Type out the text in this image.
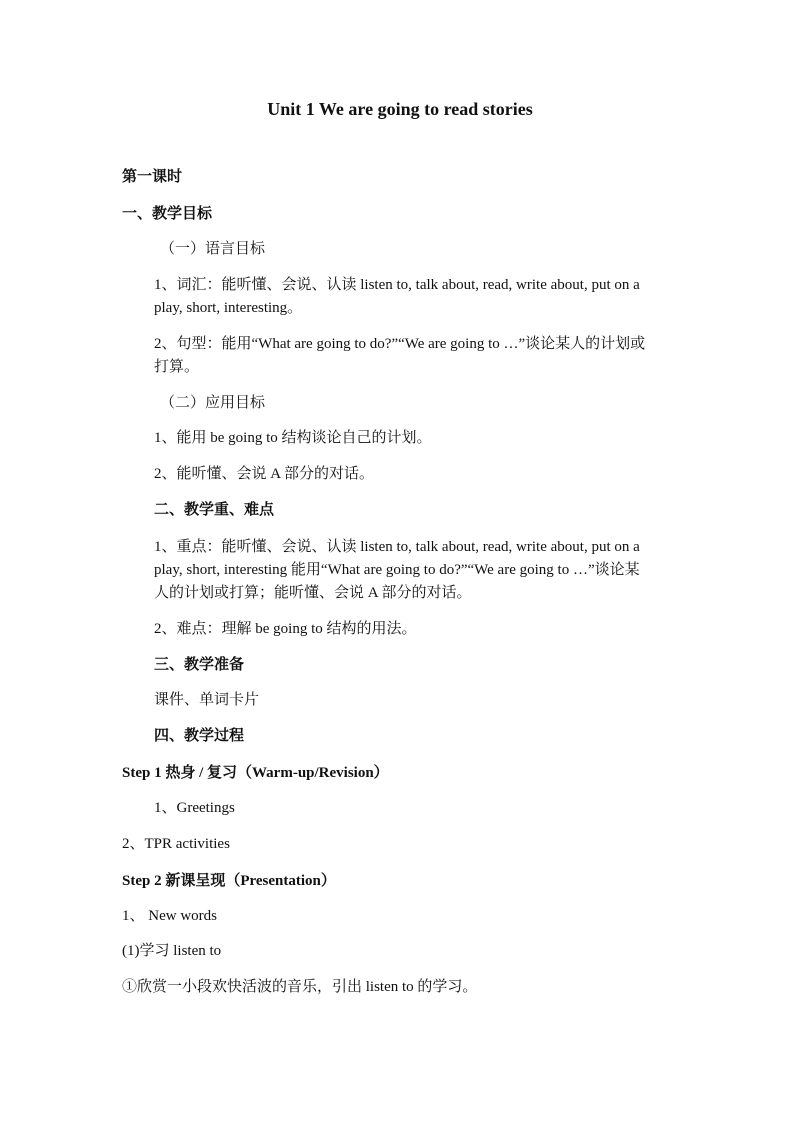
Unit 1 We are going to read stories
第一课时
一、教学目标
（一）语言目标
1、词汇：能听懂、会说、认读 listen to, talk about, read, write about, put on a
play, short, interesting。
2、句型：能用“What are going to do?”“We are going to …”谈论某人的计划或
打算。
（二）应用目标
1、能用 be going to 结构谈论自己的计划。
2、能听懂、会说 A 部分的对话。
二、教学重、难点
1、重点：能听懂、会说、认读 listen to, talk about, read, write about, put on a
play, short, interesting 能用“What are going to do?”“We are going to …”谈论某
人的计划或打算；能听懂、会说 A 部分的对话。
2、难点：理解 be going to 结构的用法。
三、教学准备
课件、单词卡片
四、教学过程
Step 1 热身 / 复习（Warm-up/Revision）
1、Greetings
2、TPR activities
Step 2 新课呈现（Presentation）
1、 New words
(1)学习 listen to
①欣赏一小段欢快活波的音乐，引出 listen to 的学习。
